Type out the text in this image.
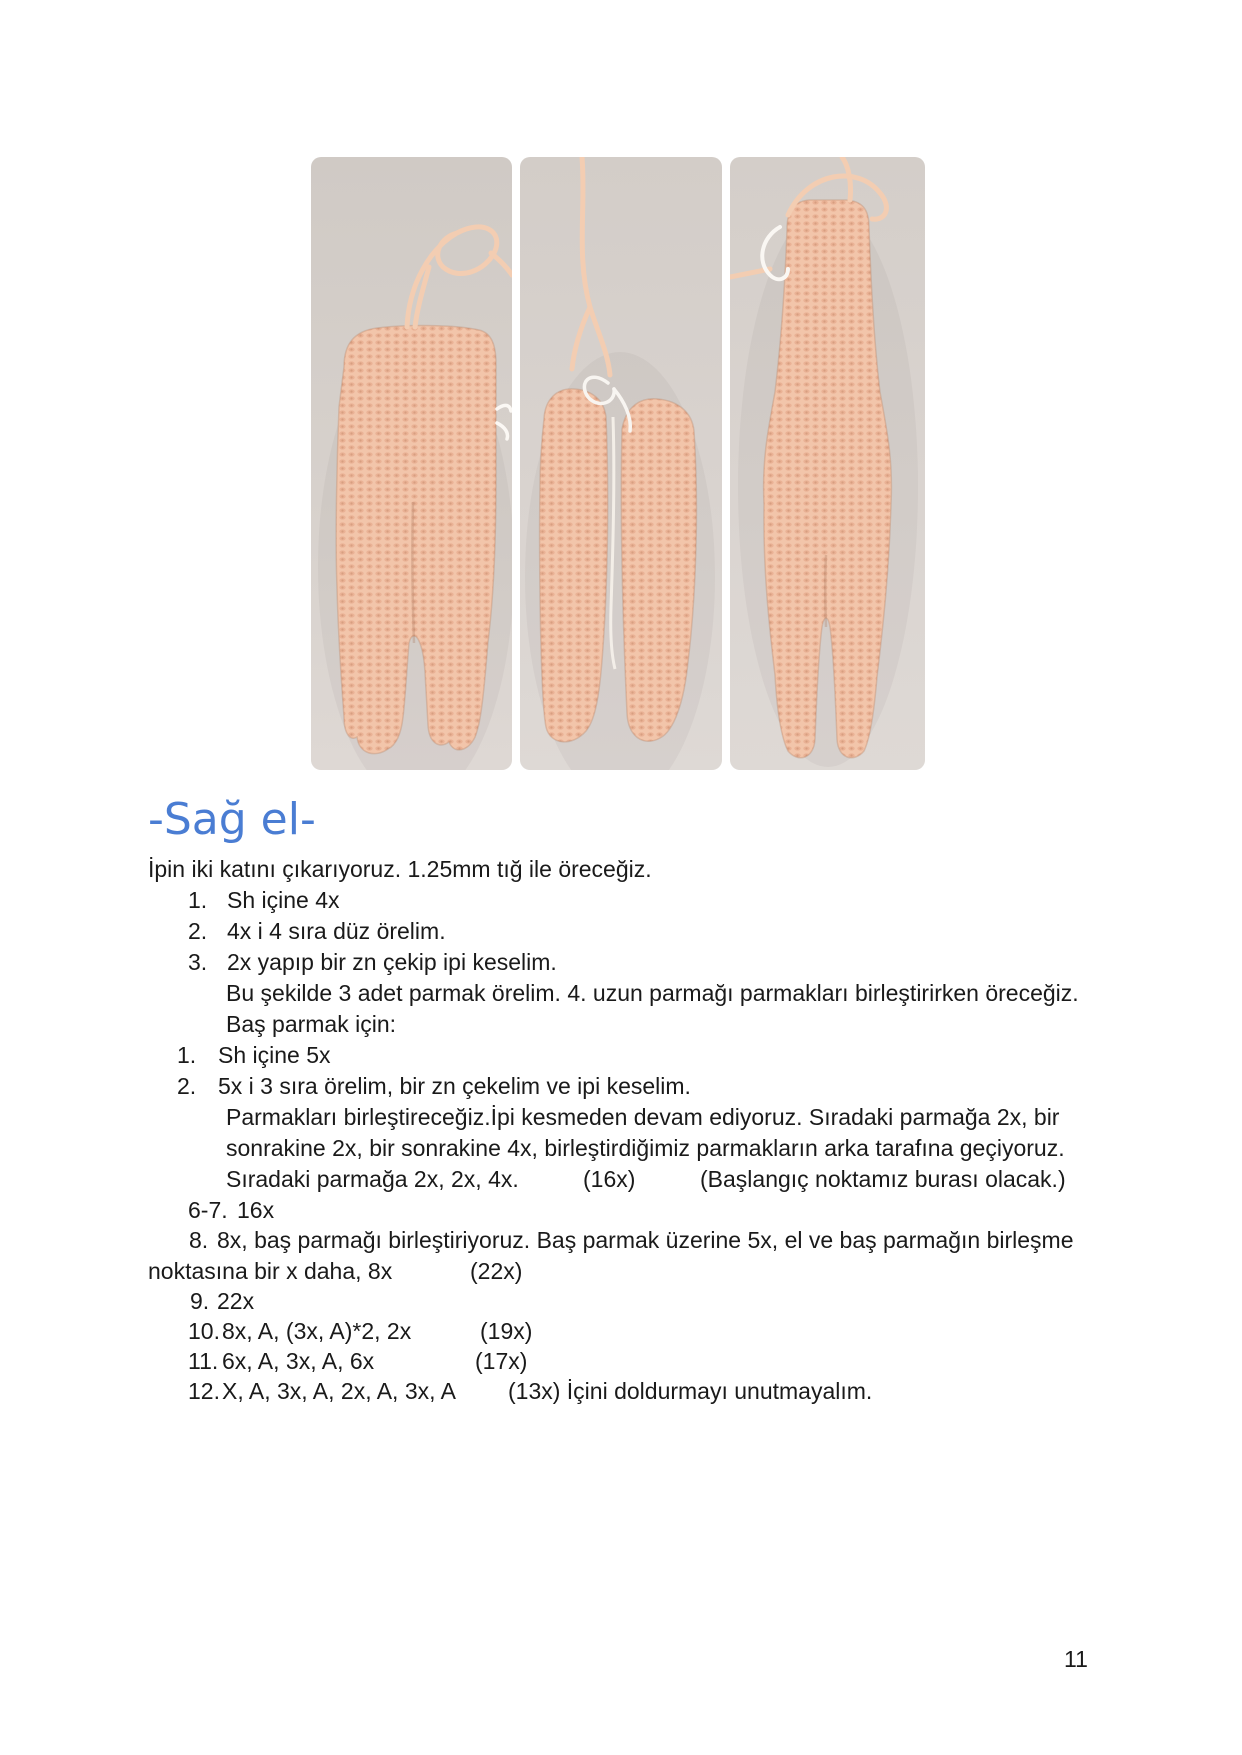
-Sağ el-
İpin iki katını çıkarıyoruz. 1.25mm tığ ile öreceğiz.
1. Sh içine 4x
2. 4x i 4 sıra düz örelim.
3. 2x yapıp bir zn çekip ipi keselim.
Bu şekilde 3 adet parmak örelim. 4. uzun parmağı parmakları birleştirirken öreceğiz.
Baş parmak için:
1. Sh içine 5x
2. 5x i 3 sıra örelim, bir zn çekelim ve ipi keselim.
Parmakları birleştireceğiz.İpi kesmeden devam ediyoruz. Sıradaki parmağa 2x, bir
sonrakine 2x, bir sonrakine 4x, birleştirdiğimiz parmakların arka tarafına geçiyoruz.
Sıradaki parmağa 2x, 2x, 4x.	(16x)	(Başlangıç noktamız burası olacak.)
6-7. 16x
8. 8x, baş parmağı birleştiriyoruz. Baş parmak üzerine 5x, el ve baş parmağın birleşme
noktasına bir x daha, 8x	(22x)
9. 22x
10.8x, A, (3x, A)*2, 2x	(19x)
11. 6x, A, 3x, A, 6x	(17x)
12.X, A, 3x, A, 2x, A, 3x, A (13x) İçini doldurmayı unutmayalım.
11
